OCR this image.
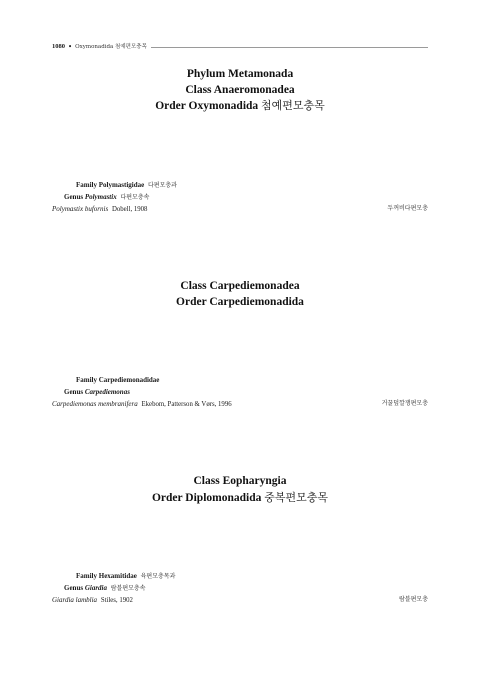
1080 • Oxymonadida 첨예편모충목
Phylum Metamonada
Class Anaeromonadea
Order Oxymonadida 첨예편모충목
Family Polymastigidae 다편모충과
Genus Polymastix 다편모충속
Polymastix bufornis Dobell, 1908	두꺼비다편모충
Class Carpediemonadea
Order Carpediemonadida
Family Carpediemonadidae
Genus Carpediemonas
Carpediemonas membranifera Ekebom, Patterson & Vørs, 1996	거꿀덮깔쟁편모충
Class Eopharyngia
Order Diplomonadida 중복편모충목
Family Hexamitidae 육편모충목과
Genus Giardia 람블편모충속
Giardia lamblia Stiles, 1902	람블편모충
